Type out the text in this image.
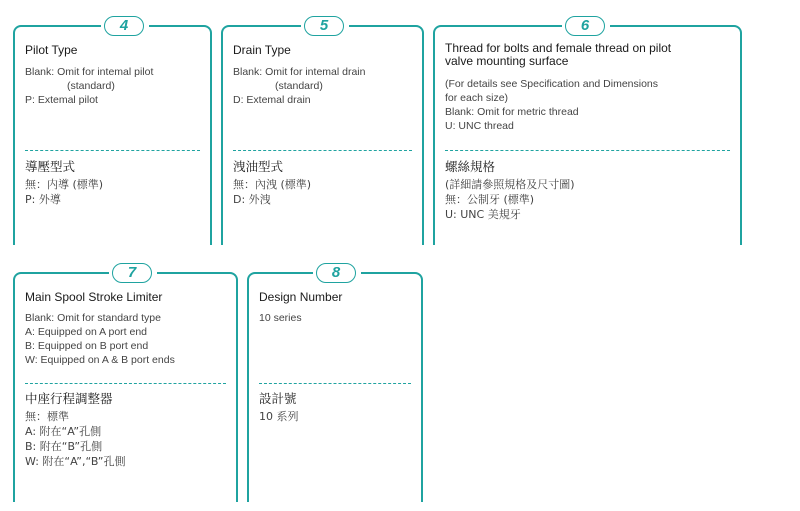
4
Pilot Type
Blank: Omit for intemal pilot
(standard)
P: Extemal pilot
導壓型式
無：内導 (標準)
P: 外導
5
Drain Type
Blank: Omit for intemal drain
(standard)
D: Extemal drain
洩油型式
無：內洩 (標準)
D: 外洩
6
Thread for bolts and female thread on pilot
valve mounting surface
(For details see Specification and Dimensions
for each size)
Blank: Omit for metric thread
U: UNC thread
螺絲規格
(詳細請參照規格及尺寸圖)
無：公制牙 (標準)
U: UNC 美規牙
7
Main Spool Stroke Limiter
Blank: Omit for standard type
A: Equipped on A port end
B: Equipped on B port end
W: Equipped on A & B port ends
中座行程調整器
無：標準
A: 附在“A”孔側
B: 附在“B”孔側
W: 附在“A”,“B”孔側
8
Design Number
10 series
設計號
10 系列
